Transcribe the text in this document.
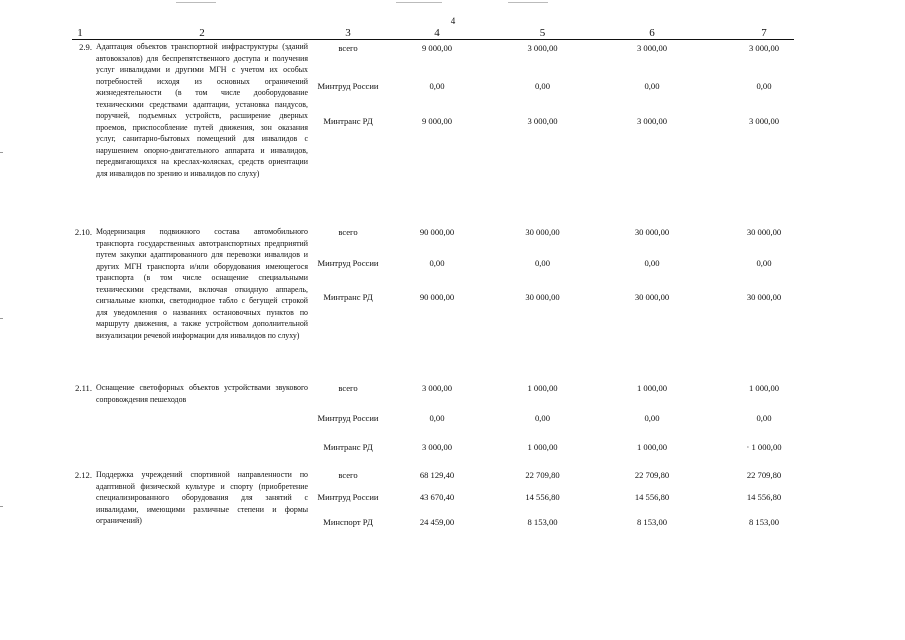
4
1	2	3	4	5	6	7
2.9. Адаптация объектов транспортной инфраструктуры (зданий автовокзалов) для беспрепятственного доступа и получения услуг инвалидами и другими МГН с учетом их особых потребностей исходя из основных ограничений жизнедеятельности (в том числе дооборудование техническими средствами адаптации, установка пандусов, поручней, подъемных устройств, расширение дверных проемов, приспособление путей движения, зон оказания услуг, санитарно-бытовых помещений для инвалидов с нарушением опорно-двигательного аппарата и инвалидов, передвигающихся на креслах-колясках, средств ориентации для инвалидов по зрению и инвалидов по слуху)
всего	9 000,00	3 000,00	3 000,00	3 000,00
Минтруд России	0,00	0,00	0,00	0,00
Минтранс РД	9 000,00	3 000,00	3 000,00	3 000,00
2.10. Модернизация подвижного состава автомобильного транспорта государственных автотранспортных предприятий путем закупки адаптированного для перевозки инвалидов и других МГН транспорта и/или оборудования имеющегося транспорта (в том числе оснащение специальными техническими средствами, включая откидную аппарель, сигнальные кнопки, светодиодное табло с бегущей строкой для уведомления о названиях остановочных пунктов по маршруту движения, а также устройством дополнительной визуализации речевой информации для инвалидов по слуху)
всего	90 000,00	30 000,00	30 000,00	30 000,00
Минтруд России	0,00	0,00	0,00	0,00
Минтранс РД	90 000,00	30 000,00	30 000,00	30 000,00
2.11. Оснащение светофорных объектов устройствами звукового сопровождения пешеходов
всего	3 000,00	1 000,00	1 000,00	1 000,00
Минтруд России	0,00	0,00	0,00	0,00
Минтранс РД	3 000,00	1 000,00	1 000,00	· 1 000,00
2.12. Поддержка учреждений спортивной направленности по адаптивной физической культуре и спорту (приобретение специализированного оборудования для занятий с инвалидами, имеющими различные степени и формы ограничений)
всего	68 129,40	22 709,80	22 709,80	22 709,80
Минтруд России	43 670,40	14 556,80	14 556,80	14 556,80
Минспорт РД	24 459,00	8 153,00	8 153,00	8 153,00
